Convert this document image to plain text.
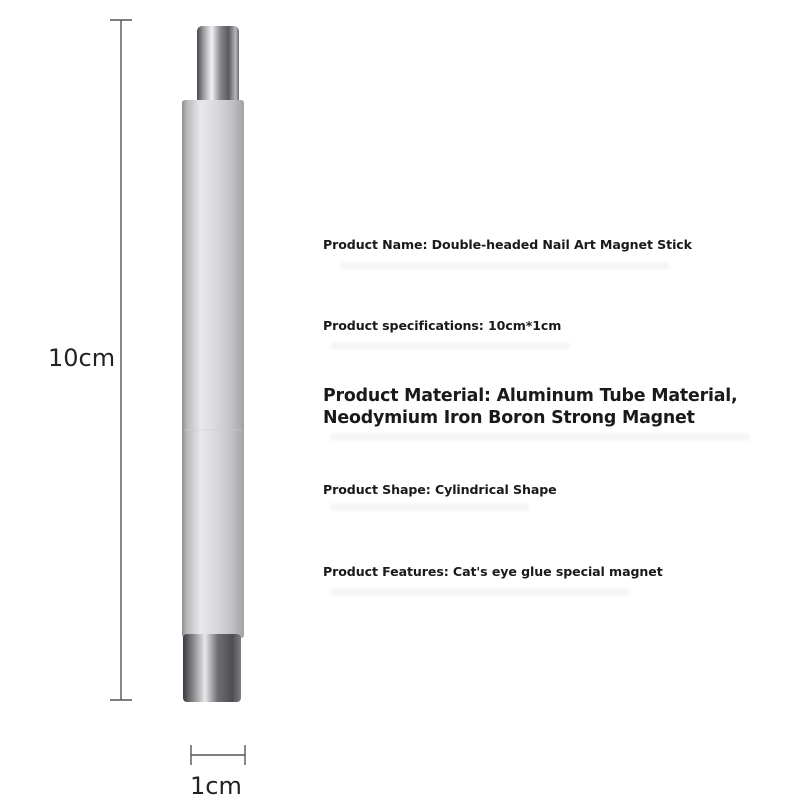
10cm
1cm
Product Name: Double-headed Nail Art Magnet Stick
Product specifications: 10cm*1cm
Product Material: Aluminum Tube Material,
Neodymium Iron Boron Strong Magnet
Product Shape: Cylindrical Shape
Product Features: Cat's eye glue special magnet
